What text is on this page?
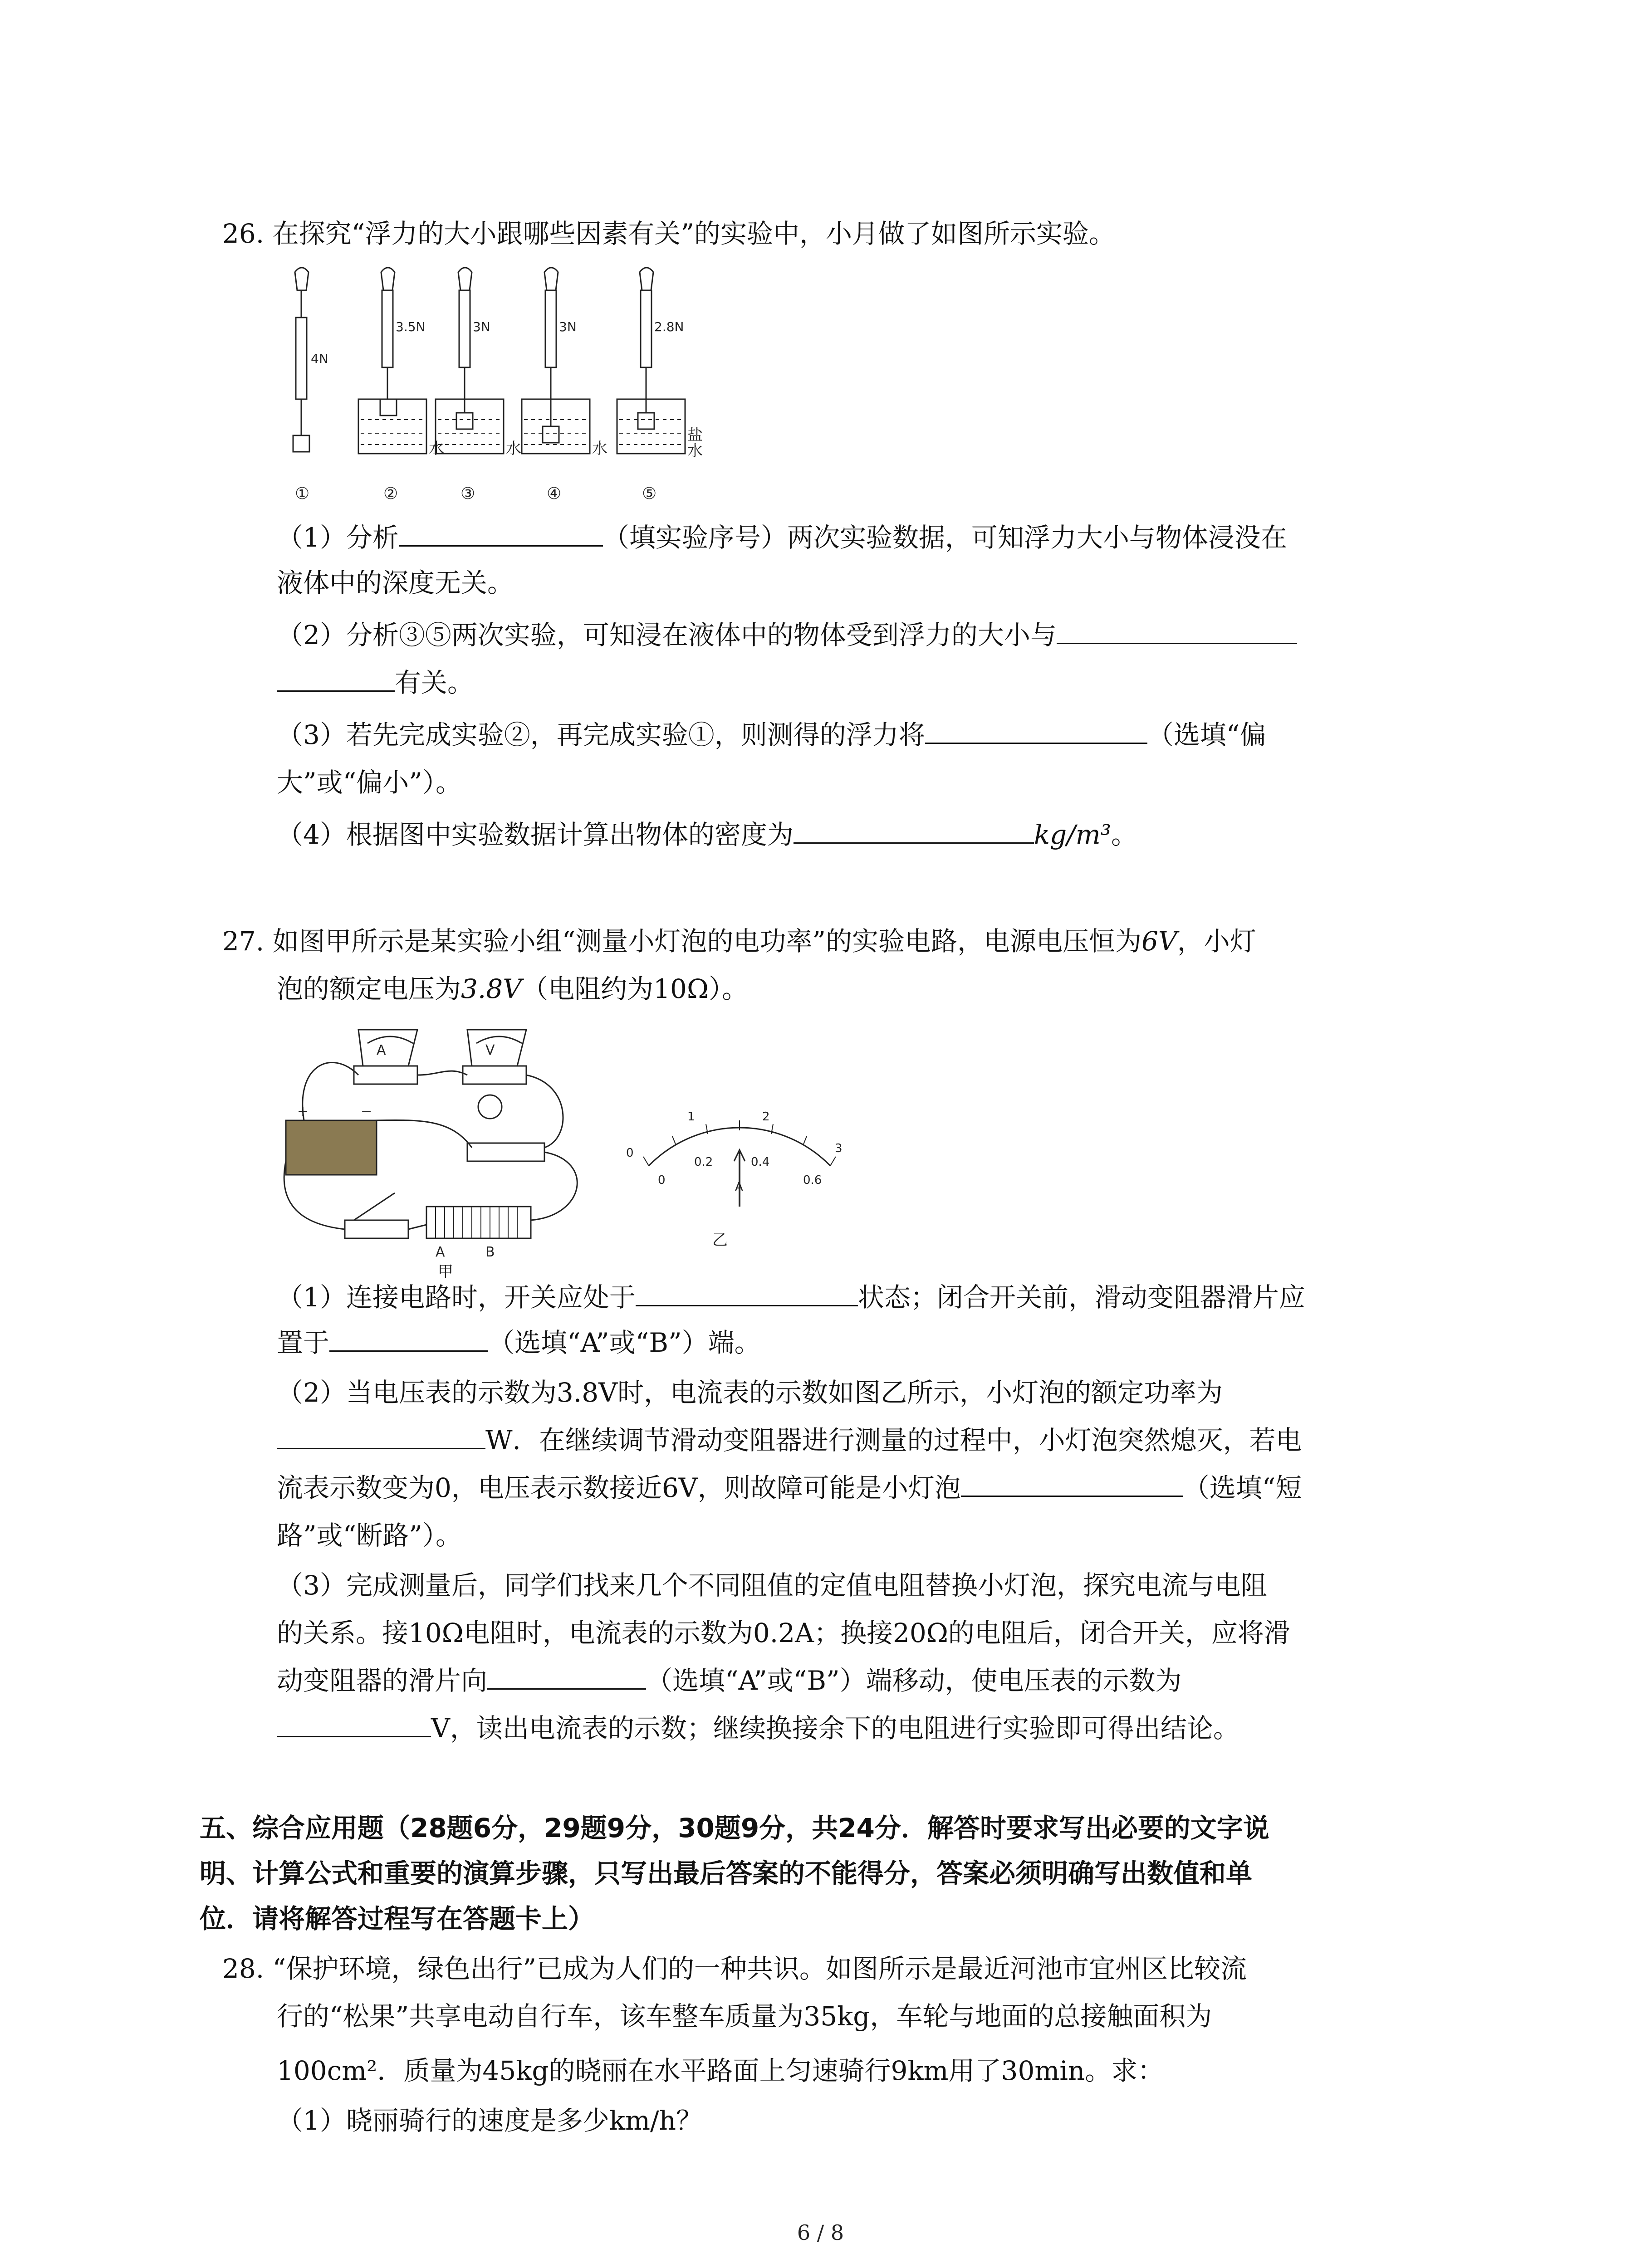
26. 在探究“浮力的大小跟哪些因素有关”的实验中，小月做了如图所示实验。
4N
3.5N	3N	3N	2.8N
水	水	水
盐
水
①	②	③	④	⑤
（1）分析	（填实验序号）两次实验数据，可知浮力大小与物体浸没在
液体中的深度无关。
（2）分析③⑤两次实验，可知浸在液体中的物体受到浮力的大小与
有关。
（3）若先完成实验②，再完成实验①，则测得的浮力将	（选填“偏
大”或“偏小”）。
（4）根据图中实验数据计算出物体的密度为	kg/m³。
27. 如图甲所示是某实验小组“测量小灯泡的电功率”的实验电路，电源电压恒为6V，小灯
泡的额定电压为3.8V（电阻约为10Ω）。
A	V
+	−
A	B
甲
0
1	2
3
0
0.2	0.4
0.6
A
乙
（1）连接电路时，开关应处于	状态；闭合开关前，滑动变阻器滑片应
置于	（选填“A”或“B”）端。
（2）当电压表的示数为3.8V时，电流表的示数如图乙所示，小灯泡的额定功率为
W．在继续调节滑动变阻器进行测量的过程中，小灯泡突然熄灭，若电
流表示数变为0，电压表示数接近6V，则故障可能是小灯泡	（选填“短
路”或“断路”）。
（3）完成测量后，同学们找来几个不同阻值的定值电阻替换小灯泡，探究电流与电阻
的关系。接10Ω电阻时，电流表的示数为0.2A；换接20Ω的电阻后，闭合开关，应将滑
动变阻器的滑片向	（选填“A”或“B”）端移动，使电压表的示数为
V，读出电流表的示数；继续换接余下的电阻进行实验即可得出结论。
五、综合应用题（28题6分，29题9分，30题9分，共24分．解答时要求写出必要的文字说
明、计算公式和重要的演算步骤，只写出最后答案的不能得分，答案必须明确写出数值和单
位．请将解答过程写在答题卡上）
28. “保护环境，绿色出行”已成为人们的一种共识。如图所示是最近河池市宜州区比较流
行的“松果”共享电动自行车，该车整车质量为35kg，车轮与地面的总接触面积为
100cm²．质量为45kg的晓丽在水平路面上匀速骑行9km用了30min。求：
（1）晓丽骑行的速度是多少km/h？
6 / 8
